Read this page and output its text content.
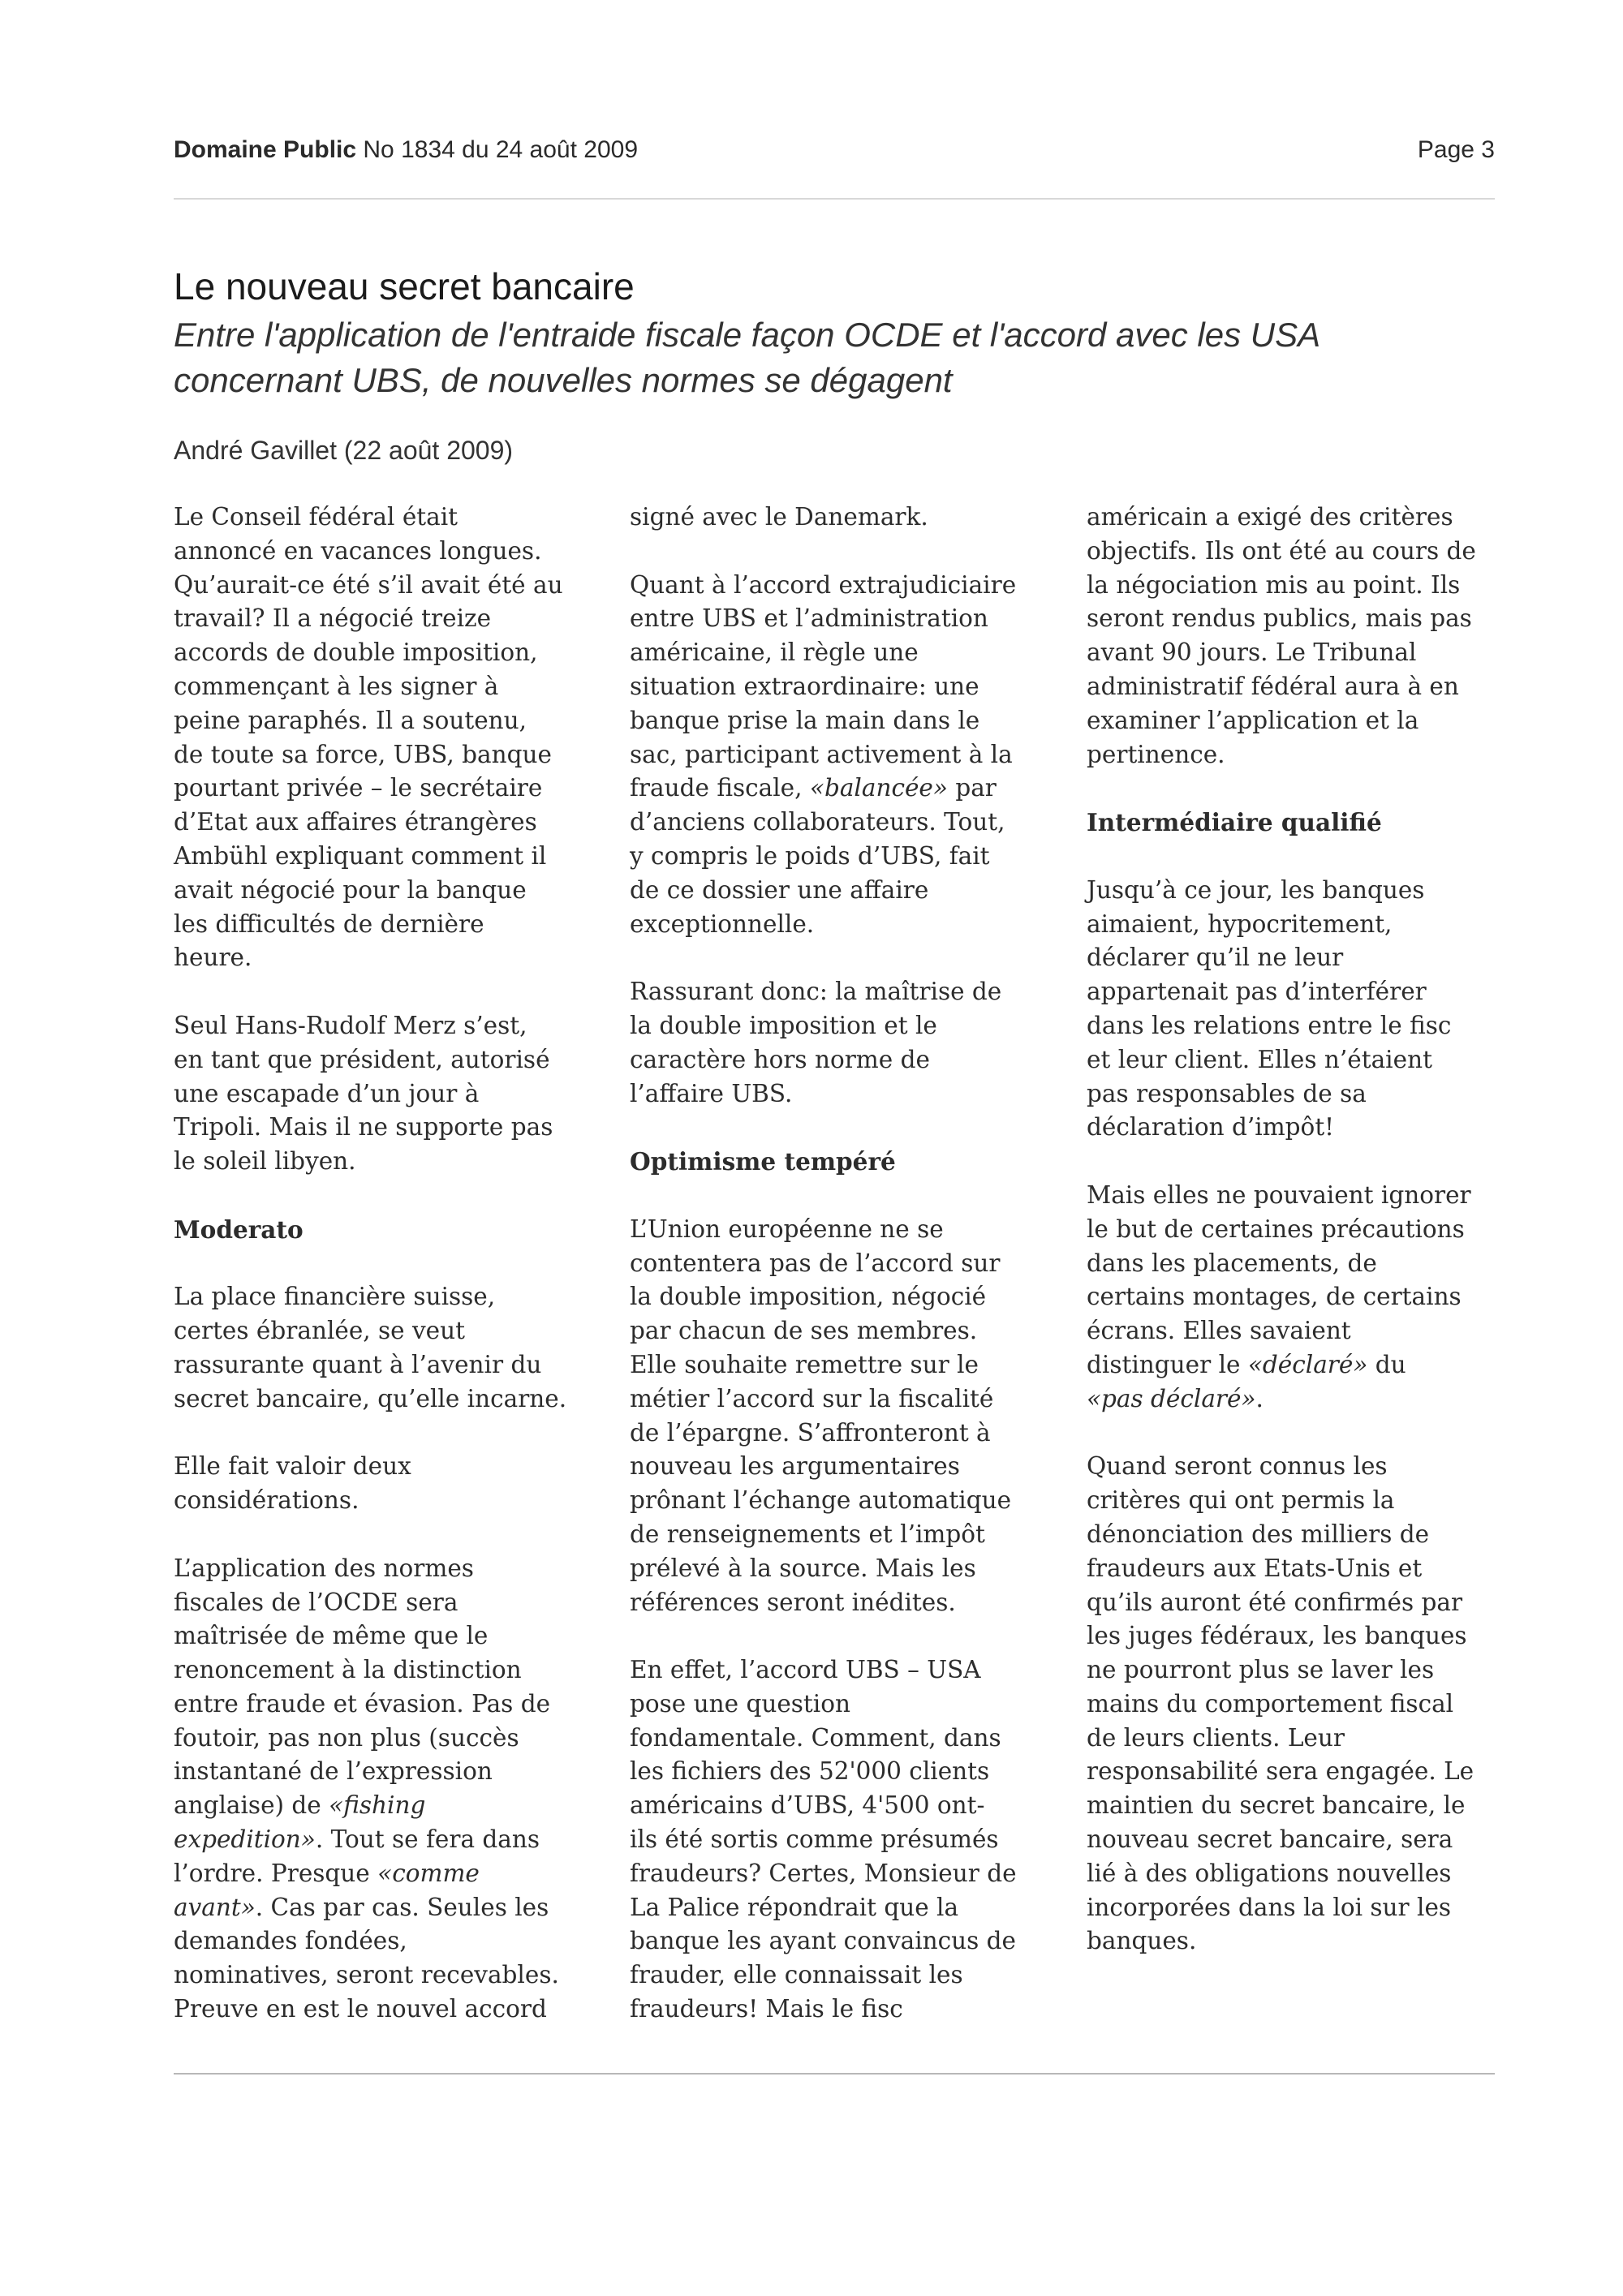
Domaine Public No 1834 du 24 août 2009	Page 3
Le nouveau secret bancaire
Entre l'application de l'entraide fiscale façon OCDE et l'accord avec les USA concernant UBS, de nouvelles normes se dégagent
André Gavillet (22 août 2009)

Le Conseil fédéral était
annoncé en vacances longues.
Qu’aurait-ce été s’il avait été au
travail? Il a négocié treize
accords de double imposition,
commençant à les signer à
peine paraphés. Il a soutenu,
de toute sa force, UBS, banque
pourtant privée – le secrétaire
d’Etat aux affaires étrangères
Ambühl expliquant comment il
avait négocié pour la banque
les difficultés de dernière
heure.

Seul Hans-Rudolf Merz s’est,
en tant que président, autorisé
une escapade d’un jour à
Tripoli. Mais il ne supporte pas
le soleil libyen.

Moderato

La place financière suisse,
certes ébranlée, se veut
rassurante quant à l’avenir du
secret bancaire, qu’elle incarne.

Elle fait valoir deux
considérations.

L’application des normes
fiscales de l’OCDE sera
maîtrisée de même que le
renoncement à la distinction
entre fraude et évasion. Pas de
foutoir, pas non plus (succès
instantané de l’expression
anglaise) de «fishing
expedition». Tout se fera dans
l’ordre. Presque «comme
avant». Cas par cas. Seules les
demandes fondées,
nominatives, seront recevables.
Preuve en est le nouvel accord

signé avec le Danemark.

Quant à l’accord extrajudiciaire
entre UBS et l’administration
américaine, il règle une
situation extraordinaire: une
banque prise la main dans le
sac, participant activement à la
fraude fiscale, «balancée» par
d’anciens collaborateurs. Tout,
y compris le poids d’UBS, fait
de ce dossier une affaire
exceptionnelle.

Rassurant donc: la maîtrise de
la double imposition et le
caractère hors norme de
l’affaire UBS.

Optimisme tempéré

L’Union européenne ne se
contentera pas de l’accord sur
la double imposition, négocié
par chacun de ses membres.
Elle souhaite remettre sur le
métier l’accord sur la fiscalité
de l’épargne. S’affronteront à
nouveau les argumentaires
prônant l’échange automatique
de renseignements et l’impôt
prélevé à la source. Mais les
références seront inédites.

En effet, l’accord UBS – USA
pose une question
fondamentale. Comment, dans
les fichiers des 52'000 clients
américains d’UBS, 4'500 ont-
ils été sortis comme présumés
fraudeurs? Certes, Monsieur de
La Palice répondrait que la
banque les ayant convaincus de
frauder, elle connaissait les
fraudeurs! Mais le fisc

américain a exigé des critères
objectifs. Ils ont été au cours de
la négociation mis au point. Ils
seront rendus publics, mais pas
avant 90 jours. Le Tribunal
administratif fédéral aura à en
examiner l’application et la
pertinence.

Intermédiaire qualifié

Jusqu’à ce jour, les banques
aimaient, hypocritement,
déclarer qu’il ne leur
appartenait pas d’interférer
dans les relations entre le fisc
et leur client. Elles n’étaient
pas responsables de sa
déclaration d’impôt!

Mais elles ne pouvaient ignorer
le but de certaines précautions
dans les placements, de
certains montages, de certains
écrans. Elles savaient
distinguer le «déclaré» du
«pas déclaré».

Quand seront connus les
critères qui ont permis la
dénonciation des milliers de
fraudeurs aux Etats-Unis et
qu’ils auront été confirmés par
les juges fédéraux, les banques
ne pourront plus se laver les
mains du comportement fiscal
de leurs clients. Leur
responsabilité sera engagée. Le
maintien du secret bancaire, le
nouveau secret bancaire, sera
lié à des obligations nouvelles
incorporées dans la loi sur les
banques.
